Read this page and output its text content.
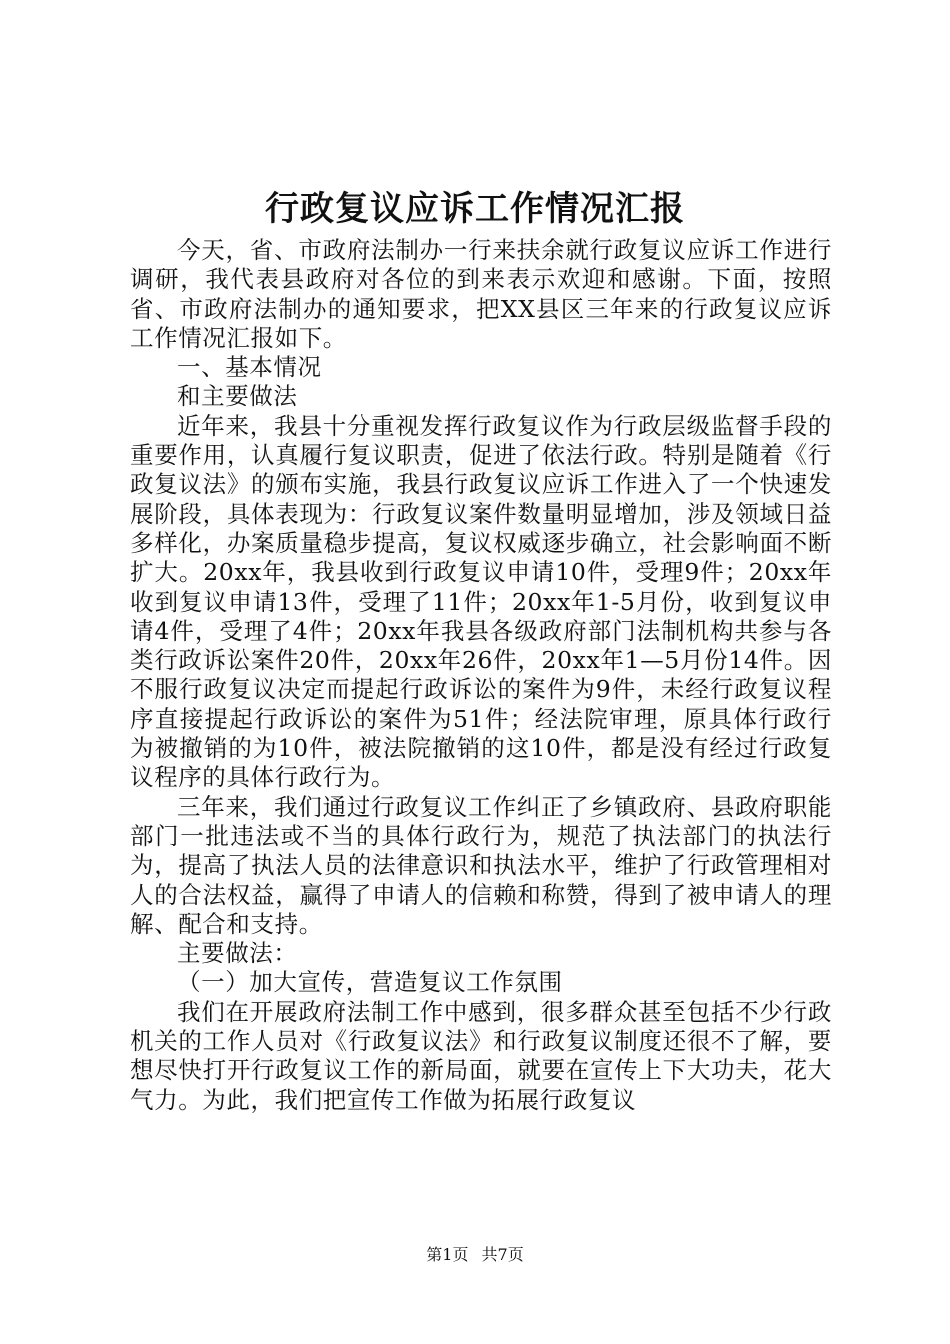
行政复议应诉工作情况汇报

今天，省、市政府法制办一行来扶余就行政复议应诉工作进行调研，我代表县政府对各位的到来表示欢迎和感谢。下面，按照省、市政府法制办的通知要求，把XX县区三年来的行政复议应诉工作情况汇报如下。

一、基本情况

和主要做法

近年来，我县十分重视发挥行政复议作为行政层级监督手段的重要作用，认真履行复议职责，促进了依法行政。特别是随着《行政复议法》的颁布实施，我县行政复议应诉工作进入了一个快速发展阶段，具体表现为：行政复议案件数量明显增加，涉及领域日益多样化，办案质量稳步提高，复议权威逐步确立，社会影响面不断扩大。20xx年，我县收到行政复议申请10件，受理9件；20xx年收到复议申请13件，受理了11件；20xx年1-5月份，收到复议申请4件，受理了4件；20xx年我县各级政府部门法制机构共参与各类行政诉讼案件20件，20xx年26件，20xx年1—5月份14件。因不服行政复议决定而提起行政诉讼的案件为9件，未经行政复议程序直接提起行政诉讼的案件为51件；经法院审理，原具体行政行为被撤销的为10件，被法院撤销的这10件，都是没有经过行政复议程序的具体行政行为。

三年来，我们通过行政复议工作纠正了乡镇政府、县政府职能部门一批违法或不当的具体行政行为，规范了执法部门的执法行为，提高了执法人员的法律意识和执法水平，维护了行政管理相对人的合法权益，赢得了申请人的信赖和称赞，得到了被申请人的理解、配合和支持。

主要做法：

（一）加大宣传，营造复议工作氛围

我们在开展政府法制工作中感到，很多群众甚至包括不少行政机关的工作人员对《行政复议法》和行政复议制度还很不了解，要想尽快打开行政复议工作的新局面，就要在宣传上下大功夫，花大气力。为此，我们把宣传工作做为拓展行政复议

第1页 共7页
